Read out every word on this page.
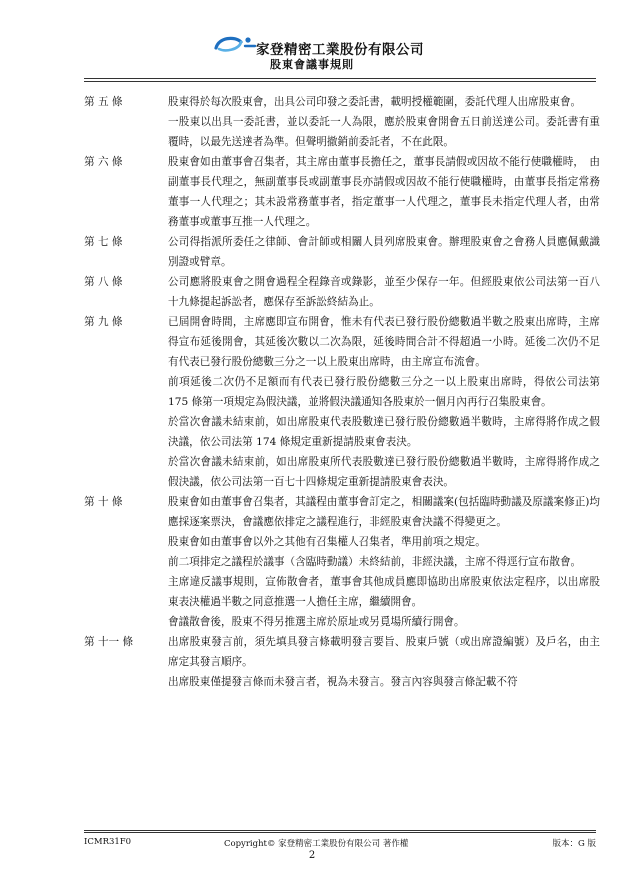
家登精密工業股份有限公司
股東會議事規則
第 五 條	股東得於每次股東會，出具公司印發之委託書，載明授權範圍，委託代理人出席股東會。
一股東以出具一委託書，並以委託一人為限，應於股東會開會五日前送達公司。委託書有重覆時，以最先送達者為準。但聲明撤銷前委託者，不在此限。
第 六 條	股東會如由董事會召集者，其主席由董事長擔任之，董事長請假或因故不能行使職權時，　由副董事長代理之，無副董事長或副董事長亦請假或因故不能行使職權時，由董事長指定常務董事一人代理之；其未設常務董事者，指定董事一人代理之，董事長未指定代理人者，由常務董事或董事互推一人代理之。
第 七 條	公司得指派所委任之律師、會計師或相關人員列席股東會。辦理股東會之會務人員應佩戴識別證或臂章。
第 八 條	公司應將股東會之開會過程全程錄音或錄影，並至少保存一年。但經股東依公司法第一百八十九條提起訴訟者，應保存至訴訟終結為止。
第 九 條	已屆開會時間，主席應即宣布開會，惟未有代表已發行股份總數過半數之股東出席時，主席得宣布延後開會，其延後次數以二次為限，延後時間合計不得超過一小時。延後二次仍不足有代表已發行股份總數三分之一以上股東出席時，由主席宣布流會。
前項延後二次仍不足額而有代表已發行股份總數三分之一以上股東出席時，得依公司法第 175 條第一項規定為假決議，並將假決議通知各股東於一個月內再行召集股東會。
於當次會議未結束前，如出席股東代表股數達已發行股份總數過半數時，主席得將作成之假決議，依公司法第 174 條規定重新提請股東會表決。
於當次會議未結束前，如出席股東所代表股數達已發行股份總數過半數時，主席得將作成之假決議，依公司法第一百七十四條規定重新提請股東會表決。
第 十 條	股東會如由董事會召集者，其議程由董事會訂定之，相關議案(包括臨時動議及原議案修正)均應採逐案票決，會議應依排定之議程進行，非經股東會決議不得變更之。
股東會如由董事會以外之其他有召集權人召集者，準用前項之規定。
前二項排定之議程於議事（含臨時動議）未終結前，非經決議，主席不得逕行宣布散會。
主席違反議事規則，宣佈散會者，董事會其他成員應即協助出席股東依法定程序，以出席股東表決權過半數之同意推選一人擔任主席，繼續開會。
會議散會後，股東不得另推選主席於原址或另覓場所續行開會。
第 十一 條	出席股東發言前，須先填具發言條載明發言要旨、股東戶號（或出席證編號）及戶名，由主席定其發言順序。
出席股東僅提發言條而未發言者，視為未發言。發言內容與發言條記載不符
ICMR31F0	Copyright© 家登精密工業股份有限公司 著作權	版本：G 版
2
